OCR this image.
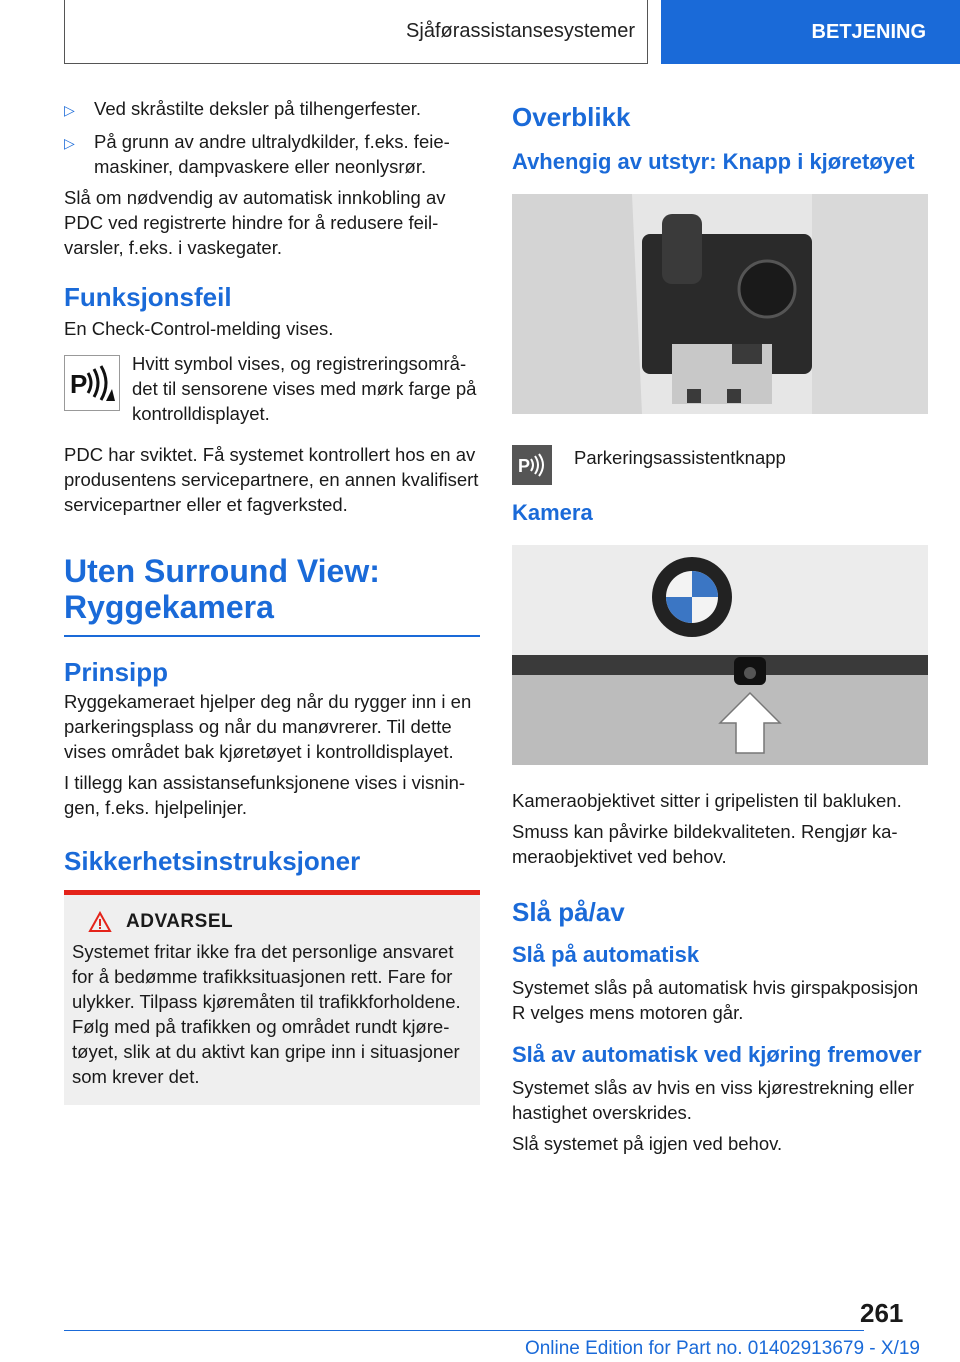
Sjåførassistansesystemer	BETJENING
▷	Ved skråstilte deksler på tilhengerfester.
▷	På grunn av andre ultralydkilder, f.eks. feiemaskiner, dampvaskere eller neonlysrør.

Slå om nødvendig av automatisk innkobling av PDC ved registrerte hindre for å redusere feilvarsler, f.eks. i vaskegater.

Funksjonsfeil

En Check-Control-melding vises.

P

Hvitt symbol vises, og registreringsområdet til sensorene vises med mørk farge på kontrolldisplayet.

PDC har sviktet. Få systemet kontrollert hos en av produsentens servicepartnere, en annen kvalifisert servicepartner eller et fagverksted.

Uten Surround View: Ryggekamera
Prinsipp

Ryggekameraet hjelper deg når du rygger inn i en parkeringsplass og når du manøvrerer. Til dette vises området bak kjøretøyet i kontrolldisplayet.

I tillegg kan assistansefunksjonene vises i visningen, f.eks. hjelpelinjer.

Sikkerhetsinstruksjoner
ADVARSEL

Systemet fritar ikke fra det personlige ansvaret for å bedømme trafikksituasjonen rett. Fare for ulykker. Tilpass kjøremåten til trafikkforholdene. Følg med på trafikken og området rundt kjøretøyet, slik at du aktivt kan gripe inn i situasjoner som krever det.

Overblikk
Avhengig av utstyr: Knapp i kjøretøyet
P Parkeringsassistentknapp

Kamera

Kameraobjektivet sitter i gripelisten til bakluken.

Smuss kan påvirke bildekvaliteten. Rengjør kameraobjektivet ved behov.

Slå på/av
Slå på automatisk

Systemet slås på automatisk hvis girspakposisjon R velges mens motoren går.

Slå av automatisk ved kjøring fremover

Systemet slås av hvis en viss kjørestrekning eller hastighet overskrides.

Slå systemet på igjen ved behov.

261
Online Edition for Part no. 01402913679 - X/19
